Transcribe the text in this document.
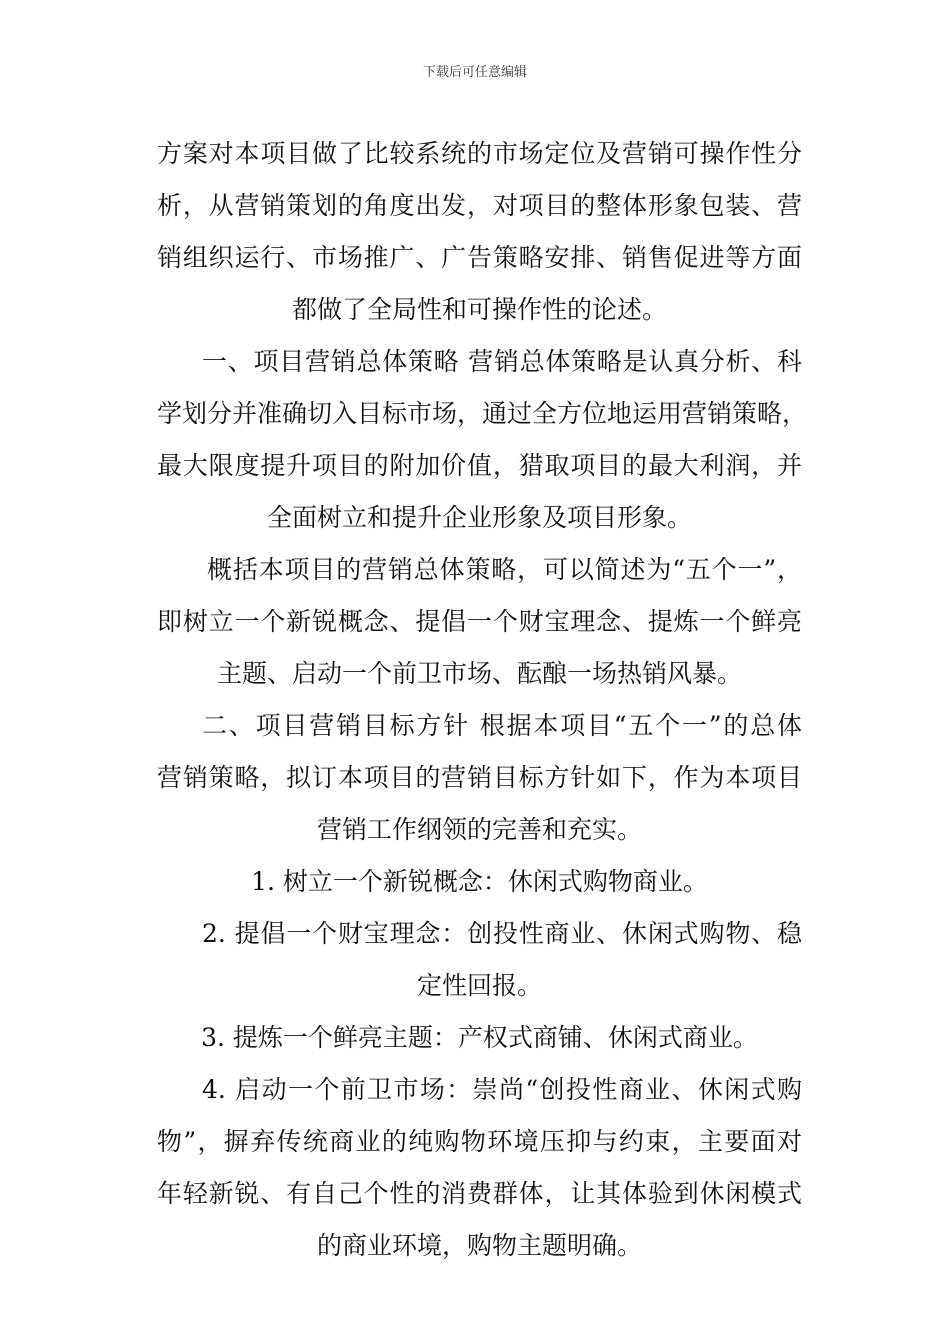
下载后可任意编辑
方案对本项目做了比较系统的市场定位及营销可操作性分
析，从营销策划的角度出发，对项目的整体形象包装、营
销组织运行、市场推广、广告策略安排、销售促进等方面
都做了全局性和可操作性的论述。
一、项目营销总体策略 营销总体策略是认真分析、科
学划分并准确切入目标市场，通过全方位地运用营销策略，
最大限度提升项目的附加价值，猎取项目的最大利润，并
全面树立和提升企业形象及项目形象。
概括本项目的营销总体策略，可以简述为“五个一”，
即树立一个新锐概念、提倡一个财宝理念、提炼一个鲜亮
主题、启动一个前卫市场、酝酿一场热销风暴。
二、项目营销目标方针 根据本项目“五个一”的总体
营销策略，拟订本项目的营销目标方针如下，作为本项目
营销工作纲领的完善和充实。
1. 树立一个新锐概念：休闲式购物商业。
2. 提倡一个财宝理念：创投性商业、休闲式购物、稳
定性回报。
3. 提炼一个鲜亮主题：产权式商铺、休闲式商业。
4. 启动一个前卫市场：崇尚“创投性商业、休闲式购
物”，摒弃传统商业的纯购物环境压抑与约束，主要面对
年轻新锐、有自己个性的消费群体，让其体验到休闲模式
的商业环境，购物主题明确。
